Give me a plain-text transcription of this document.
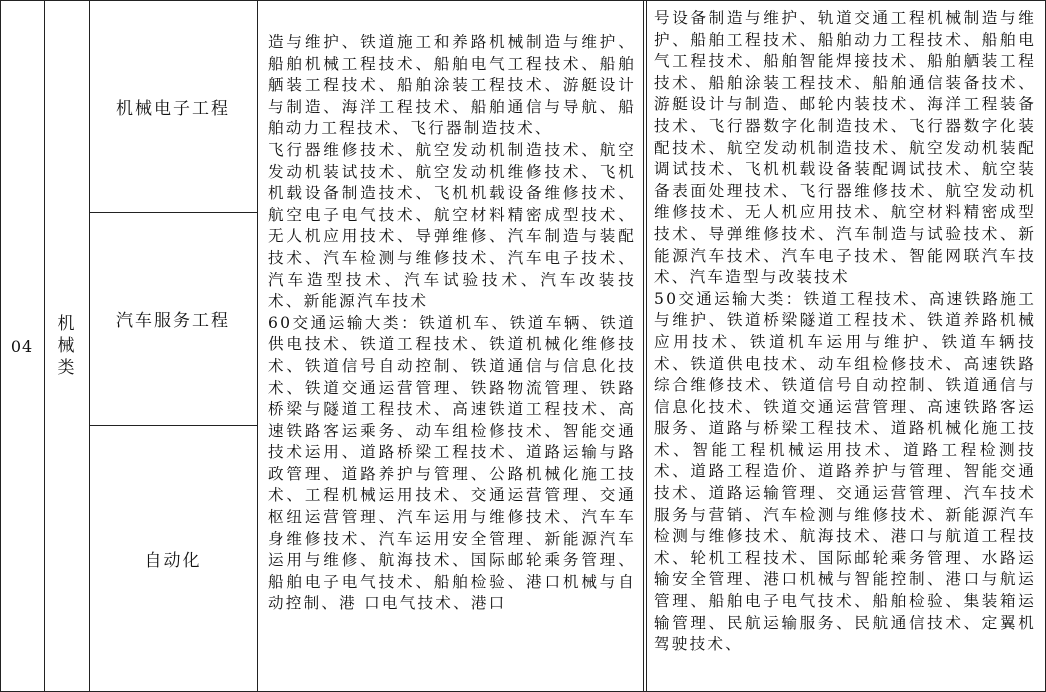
04
机械类
机械电子工程
汽车服务工程
自动化

造与维护、铁道施工和养路机械制造与维护、船舶机械工程技术、船舶电气工程技术、船舶舾装工程技术、船舶涂装工程技术、游艇设计与制造、海洋工程技术、船舶通信与导航、船舶动力工程技术、飞行器制造技术、

飞行器维修技术、航空发动机制造技术、航空发动机装试技术、航空发动机维修技术、飞机机载设备制造技术、飞机机载设备维修技术、航空电子电气技术、航空材料精密成型技术、无人机应用技术、导弹维修、汽车制造与装配技术、汽车检测与维修技术、汽车电子技术、汽车造型技术、汽车试验技术、汽车改装技术、新能源汽车技术

60交通运输大类：铁道机车、铁道车辆、铁道供电技术、铁道工程技术、铁道机械化维修技术、铁道信号自动控制、铁道通信与信息化技术、铁道交通运营管理、铁路物流管理、铁路桥梁与隧道工程技术、高速铁道工程技术、高速铁路客运乘务、动车组检修技术、智能交通技术运用、道路桥梁工程技术、道路运输与路政管理、道路养护与管理、公路机械化施工技术、工程机械运用技术、交通运营管理、交通枢纽运营管理、汽车运用与维修技术、汽车车身维修技术、汽车运用安全管理、新能源汽车运用与维修、航海技术、国际邮轮乘务管理、船舶电子电气技术、船舶检验、港口机械与自动控制、港 口电气技术、港口

号设备制造与维护、轨道交通工程机械制造与维护、船舶工程技术、船舶动力工程技术、船舶电气工程技术、船舶智能焊接技术、船舶舾装工程技术、船舶涂装工程技术、船舶通信装备技术、游艇设计与制造、邮轮内装技术、海洋工程装备技术、飞行器数字化制造技术、飞行器数字化装配技术、航空发动机制造技术、航空发动机装配调试技术、飞机机载设备装配调试技术、航空装备表面处理技术、飞行器维修技术、航空发动机维修技术、无人机应用技术、航空材料精密成型技术、导弹维修技术、汽车制造与试验技术、新能源汽车技术、汽车电子技术、智能网联汽车技术、汽车造型与改装技术

50交通运输大类：铁道工程技术、高速铁路施工与维护、铁道桥梁隧道工程技术、铁道养路机械应用技术、铁道机车运用与维护、铁道车辆技术、铁道供电技术、动车组检修技术、高速铁路综合维修技术、铁道信号自动控制、铁道通信与信息化技术、铁道交通运营管理、高速铁路客运服务、道路与桥梁工程技术、道路机械化施工技术、智能工程机械运用技术、道路工程检测技术、道路工程造价、道路养护与管理、智能交通技术、道路运输管理、交通运营管理、汽车技术服务与营销、汽车检测与维修技术、新能源汽车检测与维修技术、航海技术、港口与航道工程技术、轮机工程技术、国际邮轮乘务管理、水路运输安全管理、港口机械与智能控制、港口与航运管理、船舶电子电气技术、船舶检验、集装箱运输管理、民航运输服务、民航通信技术、定翼机驾驶技术、
